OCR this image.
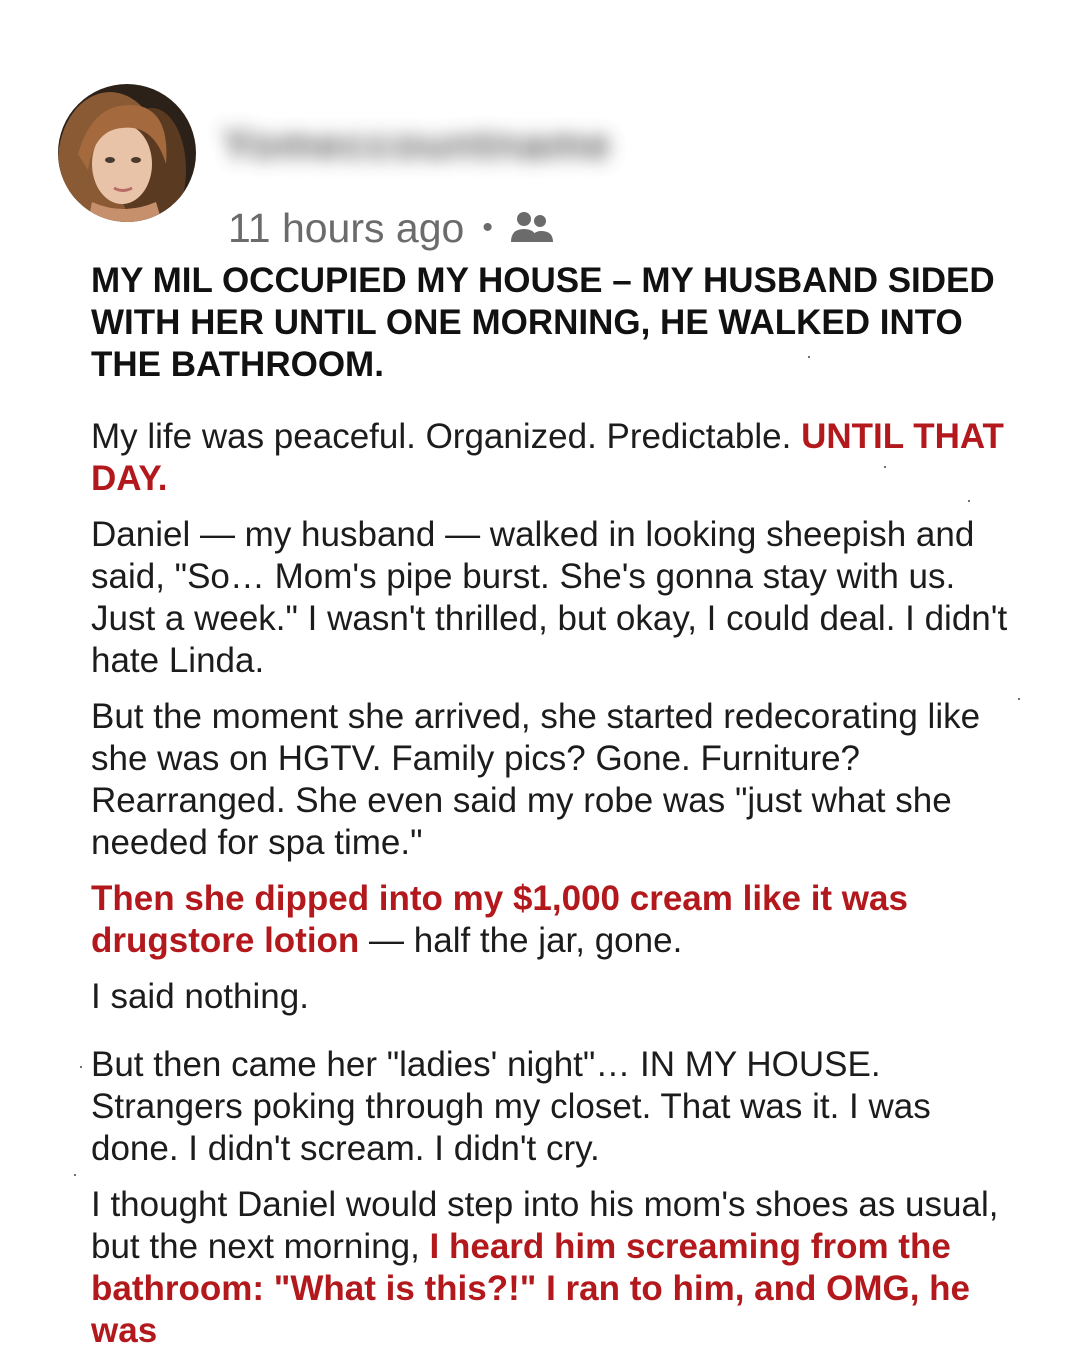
Yomeccountname
11 hours ago •

MY MIL OCCUPIED MY HOUSE – MY HUSBAND SIDED WITH HER UNTIL ONE MORNING, HE WALKED INTO THE BATHROOM.

My life was peaceful. Organized. Predictable. UNTIL THAT DAY.

Daniel — my husband — walked in looking sheepish and said, "So… Mom's pipe burst. She's gonna stay with us. Just a week." I wasn't thrilled, but okay, I could deal. I didn't hate Linda.

But the moment she arrived, she started redecorating like she was on HGTV. Family pics? Gone. Furniture? Rearranged. She even said my robe was "just what she needed for spa time."

Then she dipped into my $1,000 cream like it was drugstore lotion — half the jar, gone.

I said nothing.

But then came her "ladies' night"… IN MY HOUSE. Strangers poking through my closet. That was it. I was done. I didn't scream. I didn't cry.

I thought Daniel would step into his mom's shoes as usual, but the next morning, I heard him screaming from the bathroom: "What is this?!" I ran to him, and OMG, he was
